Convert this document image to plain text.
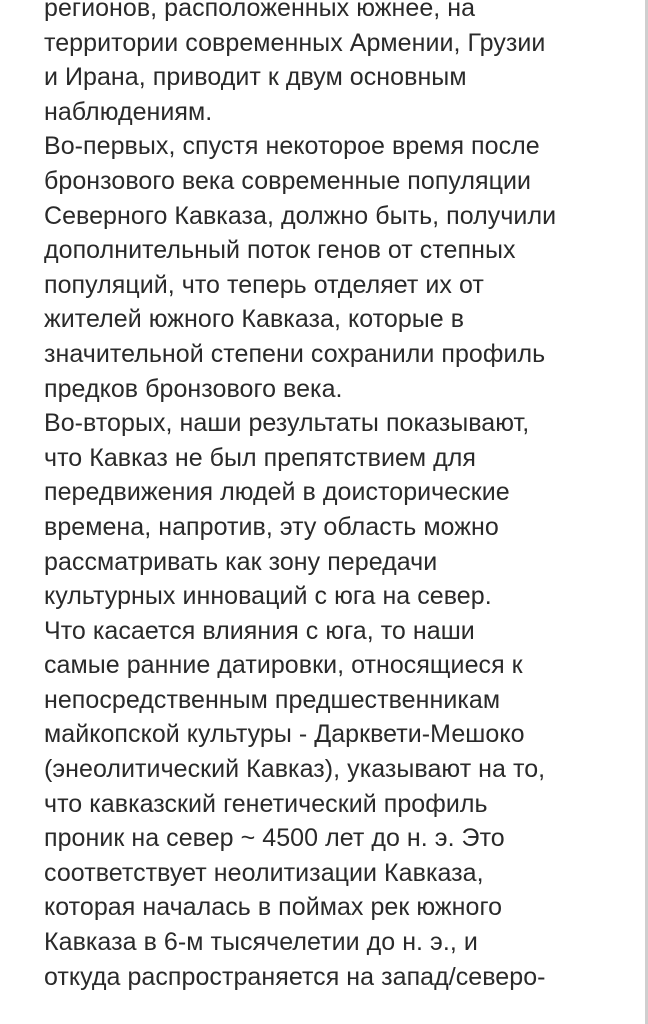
регионов, расположенных южнее, на
территории современных Армении, Грузии
и Ирана, приводит к двум основным
наблюдениям.
Во-первых, спустя некоторое время после
бронзового века современные популяции
Северного Кавказа, должно быть, получили
дополнительный поток генов от степных
популяций, что теперь отделяет их от
жителей южного Кавказа, которые в
значительной степени сохранили профиль
предков бронзового века.
Во-вторых, наши результаты показывают,
что Кавказ не был препятствием для
передвижения людей в доисторические
времена, напротив, эту область можно
рассматривать как зону передачи
культурных инноваций с юга на север.
Что касается влияния с юга, то наши
самые ранние датировки, относящиеся к
непосредственным предшественникам
майкопской культуры - Дарквети-Мешоко
(энеолитический Кавказ), указывают на то,
что кавказский генетический профиль
проник на север ~ 4500 лет до н. э. Это
соответствует неолитизации Кавказа,
которая началась в поймах рек южного
Кавказа в 6-м тысячелетии до н. э., и
откуда распространяется на запад/северо-
